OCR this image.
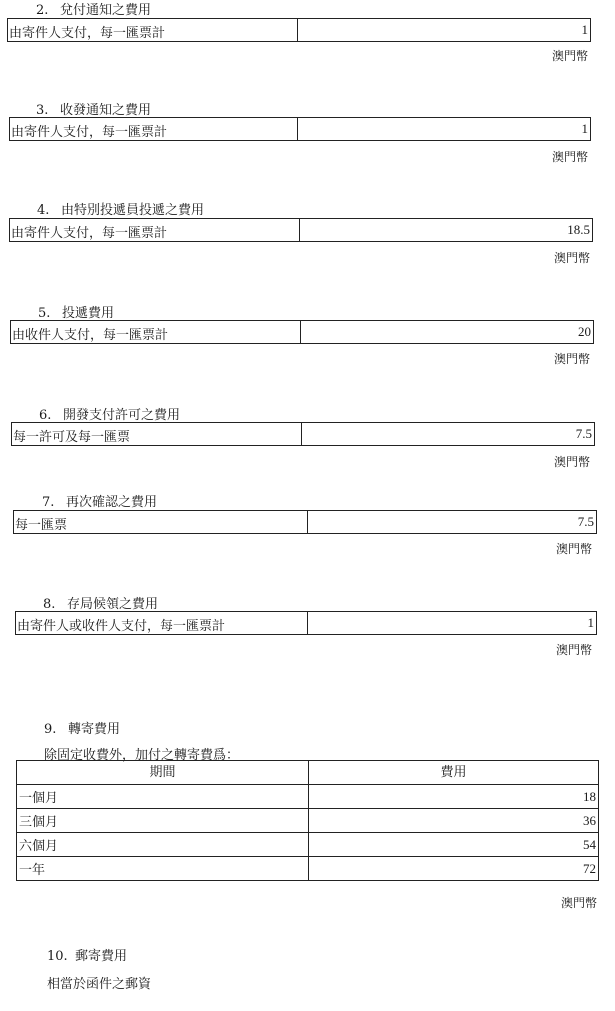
2. 兌付通知之費用
由寄件人支付，每一匯票計	1
澳門幣
3. 收發通知之費用
由寄件人支付，每一匯票計	1
澳門幣
4. 由特別投遞員投遞之費用
由寄件人支付，每一匯票計	18.5
澳門幣
5. 投遞費用
由收件人支付，每一匯票計	20
澳門幣
6. 開發支付許可之費用
每一許可及每一匯票	7.5
澳門幣
7. 再次確認之費用
每一匯票	7.5
澳門幣
8. 存局候領之費用
由寄件人或收件人支付，每一匯票計	1
澳門幣
9. 轉寄費用
除固定收費外，加付之轉寄費爲：
期間	費用
一個月	18
三個月	36
六個月	54
一年	72
澳門幣
10. 郵寄費用
相當於函件之郵資
